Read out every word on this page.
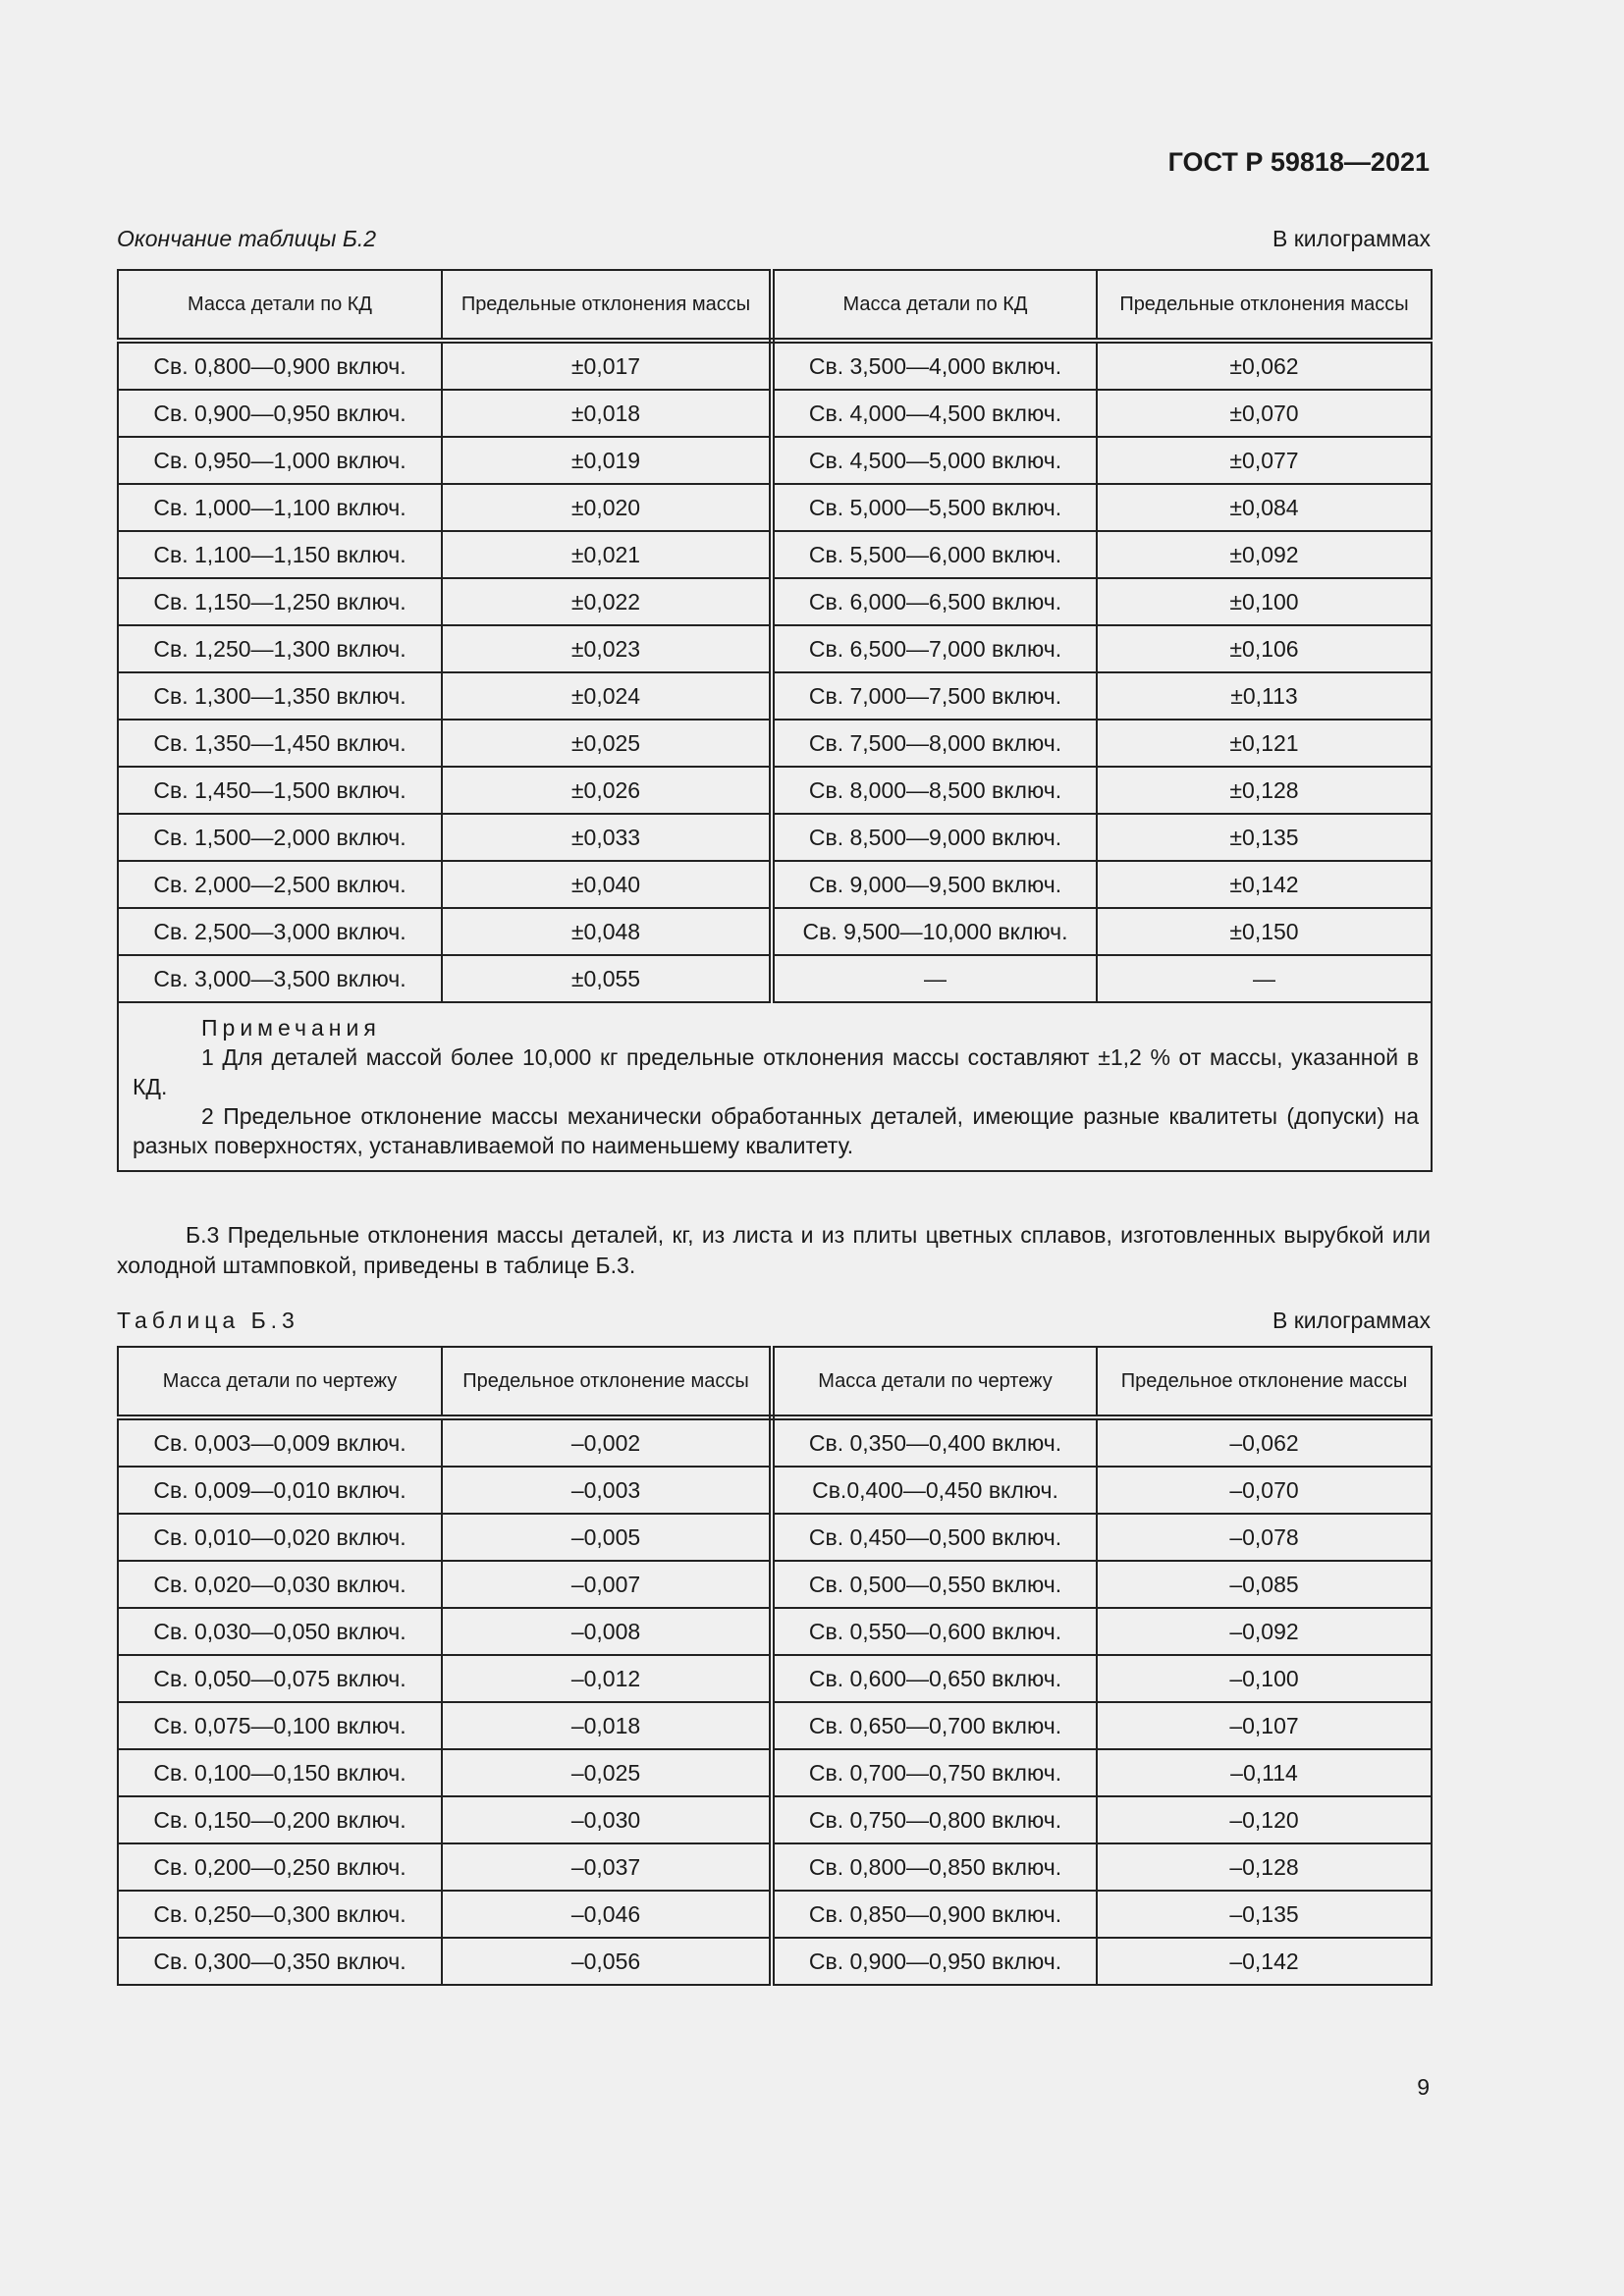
ГОСТ Р 59818—2021
Окончание таблицы Б.2	В килограммах
Масса детали по КД	Предельные отклонения массы	Масса детали по КД	Предельные отклонения массы
Св. 0,800—0,900 включ.	±0,017	Св. 3,500—4,000 включ.	±0,062
Св. 0,900—0,950 включ.	±0,018	Св. 4,000—4,500 включ.	±0,070
Св. 0,950—1,000 включ.	±0,019	Св. 4,500—5,000 включ.	±0,077
Св. 1,000—1,100 включ.	±0,020	Св. 5,000—5,500 включ.	±0,084
Св. 1,100—1,150 включ.	±0,021	Св. 5,500—6,000 включ.	±0,092
Св. 1,150—1,250 включ.	±0,022	Св. 6,000—6,500 включ.	±0,100
Св. 1,250—1,300 включ.	±0,023	Св. 6,500—7,000 включ.	±0,106
Св. 1,300—1,350 включ.	±0,024	Св. 7,000—7,500 включ.	±0,113
Св. 1,350—1,450 включ.	±0,025	Св. 7,500—8,000 включ.	±0,121
Св. 1,450—1,500 включ.	±0,026	Св. 8,000—8,500 включ.	±0,128
Св. 1,500—2,000 включ.	±0,033	Св. 8,500—9,000 включ.	±0,135
Св. 2,000—2,500 включ.	±0,040	Св. 9,000—9,500 включ.	±0,142
Св. 2,500—3,000 включ.	±0,048	Св. 9,500—10,000 включ.	±0,150
Св. 3,000—3,500 включ.	±0,055	—	—

Примечания
1 Для деталей массой более 10,000 кг предельные отклонения массы составляют ±1,2 % от массы, указанной в КД.
2 Предельное отклонение массы механически обработанных деталей, имеющие разные квалитеты (допуски) на разных поверхностях, устанавливаемой по наименьшему квалитету.			
Б.3 Предельные отклонения массы деталей, кг, из листа и из плиты цветных сплавов, изготовленных вырубкой или холодной штамповкой, приведены в таблице Б.3.
Таблица Б.3	В килограммах
Масса детали по чертежу	Предельное отклонение массы	Масса детали по чертежу	Предельное отклонение массы
Св. 0,003—0,009 включ.	–0,002	Св. 0,350—0,400 включ.	–0,062
Св. 0,009—0,010 включ.	–0,003	Св.0,400—0,450 включ.	–0,070
Св. 0,010—0,020 включ.	–0,005	Св. 0,450—0,500 включ.	–0,078
Св. 0,020—0,030 включ.	–0,007	Св. 0,500—0,550 включ.	–0,085
Св. 0,030—0,050 включ.	–0,008	Св. 0,550—0,600 включ.	–0,092
Св. 0,050—0,075 включ.	–0,012	Св. 0,600—0,650 включ.	–0,100
Св. 0,075—0,100 включ.	–0,018	Св. 0,650—0,700 включ.	–0,107
Св. 0,100—0,150 включ.	–0,025	Св. 0,700—0,750 включ.	–0,114
Св. 0,150—0,200 включ.	–0,030	Св. 0,750—0,800 включ.	–0,120
Св. 0,200—0,250 включ.	–0,037	Св. 0,800—0,850 включ.	–0,128
Св. 0,250—0,300 включ.	–0,046	Св. 0,850—0,900 включ.	–0,135
Св. 0,300—0,350 включ.	–0,056	Св. 0,900—0,950 включ.	–0,142
9
